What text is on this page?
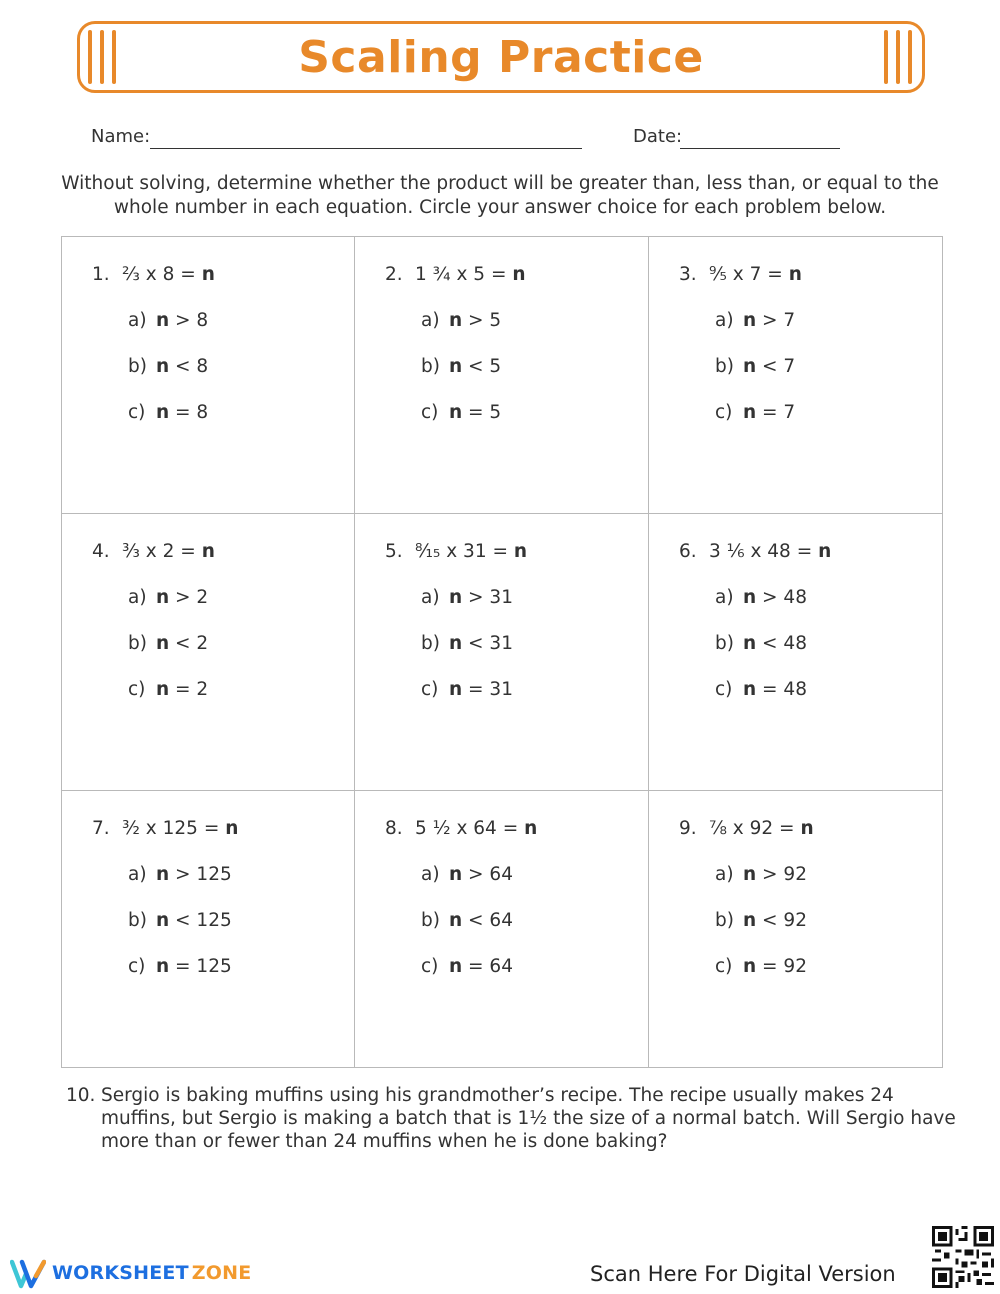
Scaling Practice
Name:	Date:
Without solving, determine whether the product will be greater than, less than, or equal to the whole number in each equation. Circle your answer choice for each problem below.
1. ⅔ x 8 = n
a) n > 8
b) n < 8
c) n = 8
2. 1 ¾ x 5 = n
a) n > 5
b) n < 5
c) n = 5
3. ⁹⁄₅ x 7 = n
a) n > 7
b) n < 7
c) n = 7
4. ³⁄₃ x 2 = n
a) n > 2
b) n < 2
c) n = 2
5. ⁸⁄₁₅ x 31 = n
a) n > 31
b) n < 31
c) n = 31
6. 3 ⅙ x 48 = n
a) n > 48
b) n < 48
c) n = 48
7. ³⁄₂ x 125 = n
a) n > 125
b) n < 125
c) n = 125
8. 5 ½ x 64 = n
a) n > 64
b) n < 64
c) n = 64
9. ⅞ x 92 = n
a) n > 92
b) n < 92
c) n = 92
10. Sergio is baking muffins using his grandmother’s recipe. The recipe usually makes 24 muffins, but Sergio is making a batch that is 1½ the size of a normal batch. Will Sergio have more than or fewer than 24 muffins when he is done baking?
WORKSHEET ZONE	Scan Here For Digital Version
